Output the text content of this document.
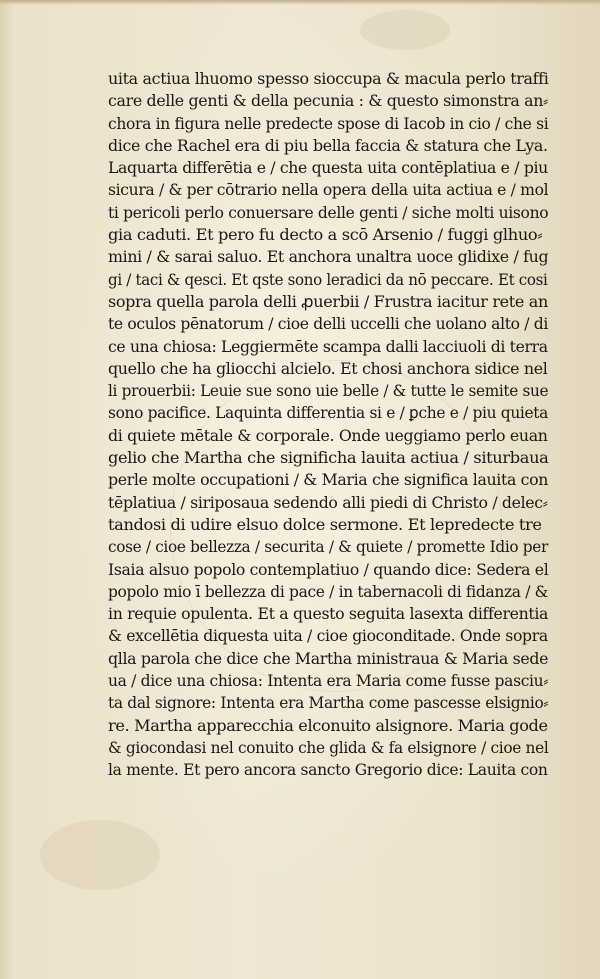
uita actiua lhuomo spesso sioccupa & macula perlo traffi
care delle genti & della pecunia : & questo simonstra an⸗
chora in figura nelle predecte spose di Iacob in cio / che si
dice che Rachel era di piu bella faccia & statura che Lya.
Laquarta differētia e / che questa uita contēplatiua e / piu
sicura / & per cōtrario nella opera della uita actiua e / mol
ti pericoli perlo conuersare delle genti / siche molti uisono
gia caduti. Et pero fu decto a scō Arsenio / fuggi glhuo⸗
mini / & sarai saluo. Et anchora unaltra uoce glidixe / fug
gi / taci & qesci. Et qste sono leradici da nō peccare. Et cosi
sopra quella parola delli ꝓuerbii / Frustra iacitur rete an
te oculos pēnatorum / cioe delli uccelli che uolano alto / di
ce una chiosa: Leggiermēte scampa dalli lacciuoli di terra
quello che ha gliocchi alcielo. Et chosi anchora sidice nel
li prouerbii: Leuie sue sono uie belle / & tutte le semite sue
sono pacifice. Laquinta differentia si e / ꝑche e / piu quieta
di quiete mētale & corporale. Onde ueggiamo perlo euan
gelio che Martha che significha lauita actiua / siturbaua
perle molte occupationi / & Maria che significa lauita con
tēplatiua / siriposaua sedendo alli piedi di Christo / delec⸗
tandosi di udire elsuo dolce sermone. Et lepredecte tre
cose / cioe bellezza / securita / & quiete / promette Idio per
Isaia alsuo popolo contemplatiuo / quando dice: Sedera el
popolo mio ī bellezza di pace / in tabernacoli di fidanza / &
in requie opulenta. Et a questo seguita lasexta differentia
& excellētia diquesta uita / cioe gioconditade. Onde sopra
qlla parola che dice che Martha ministraua & Maria sede
ua / dice una chiosa: Intenta era Maria come fusse pasciu⸗
ta dal signore: Intenta era Martha come pascesse elsignio⸗
re. Martha apparecchia elconuito alsignore. Maria gode
& giocondasi nel conuito che glida & fa elsignore / cioe nel
la mente. Et pero ancora sancto Gregorio dice: Lauita con
